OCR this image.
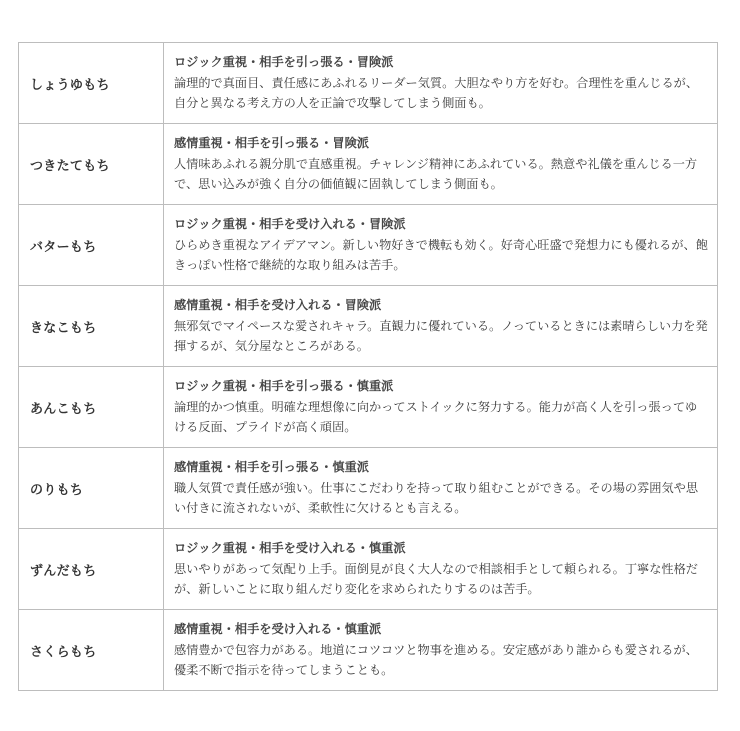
しょうゆもち	ロジック重視・相手を引っ張る・冒険派
論理的で真面目、責任感にあふれるリーダー気質。大胆なやり方を好む。合理性を重んじるが、自分と異なる考え方の人を正論で攻撃してしまう側面も。

つきたてもち	感情重視・相手を引っ張る・冒険派
人情味あふれる親分肌で直感重視。チャレンジ精神にあふれている。熱意や礼儀を重んじる一方で、思い込みが強く自分の価値観に固執してしまう側面も。

バターもち	ロジック重視・相手を受け入れる・冒険派
ひらめき重視なアイデアマン。新しい物好きで機転も効く。好奇心旺盛で発想力にも優れるが、飽きっぽい性格で継続的な取り組みは苦手。

きなこもち	感情重視・相手を受け入れる・冒険派
無邪気でマイペースな愛されキャラ。直観力に優れている。ノっているときには素晴らしい力を発揮するが、気分屋なところがある。

あんこもち	ロジック重視・相手を引っ張る・慎重派
論理的かつ慎重。明確な理想像に向かってストイックに努力する。能力が高く人を引っ張ってゆける反面、プライドが高く頑固。

のりもち	感情重視・相手を引っ張る・慎重派
職人気質で責任感が強い。仕事にこだわりを持って取り組むことができる。その場の雰囲気や思い付きに流されないが、柔軟性に欠けるとも言える。

ずんだもち	ロジック重視・相手を受け入れる・慎重派
思いやりがあって気配り上手。面倒見が良く大人なので相談相手として頼られる。丁寧な性格だが、新しいことに取り組んだり変化を求められたりするのは苦手。

さくらもち	感情重視・相手を受け入れる・慎重派
感情豊かで包容力がある。地道にコツコツと物事を進める。安定感があり誰からも愛されるが、優柔不断で指示を待ってしまうことも。
